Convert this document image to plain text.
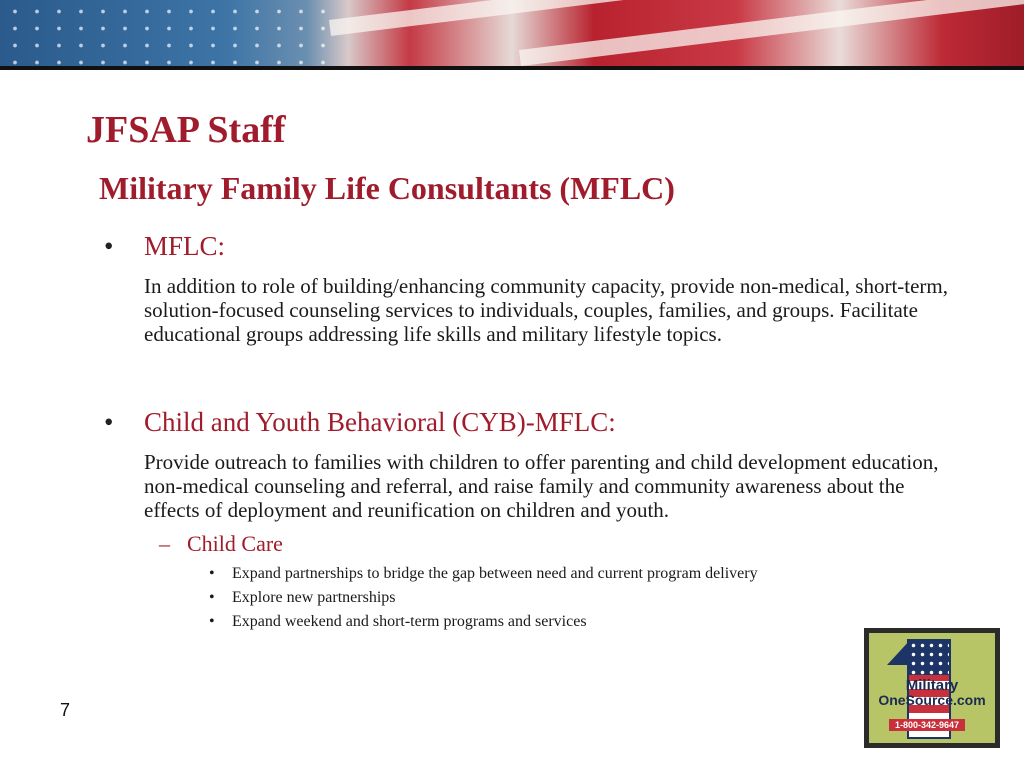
JFSAP Staff
Military Family Life Consultants (MFLC)
• MFLC:

In addition to role of building/enhancing community capacity, provide non-medical, short-term, solution-focused counseling services to individuals, couples, families, and groups. Facilitate educational groups addressing life skills and military lifestyle topics.

• Child and Youth Behavioral (CYB)-MFLC:

Provide outreach to families with children to offer parenting and child development education, non-medical counseling and referral, and raise family and community awareness about the effects of deployment and reunification on children and youth.

– Child Care
• Expand partnerships to bridge the gap between need and current program delivery
• Explore new partnerships
• Expand weekend and short-term programs and services
7
Military
OneSource.com
1-800-342-9647
